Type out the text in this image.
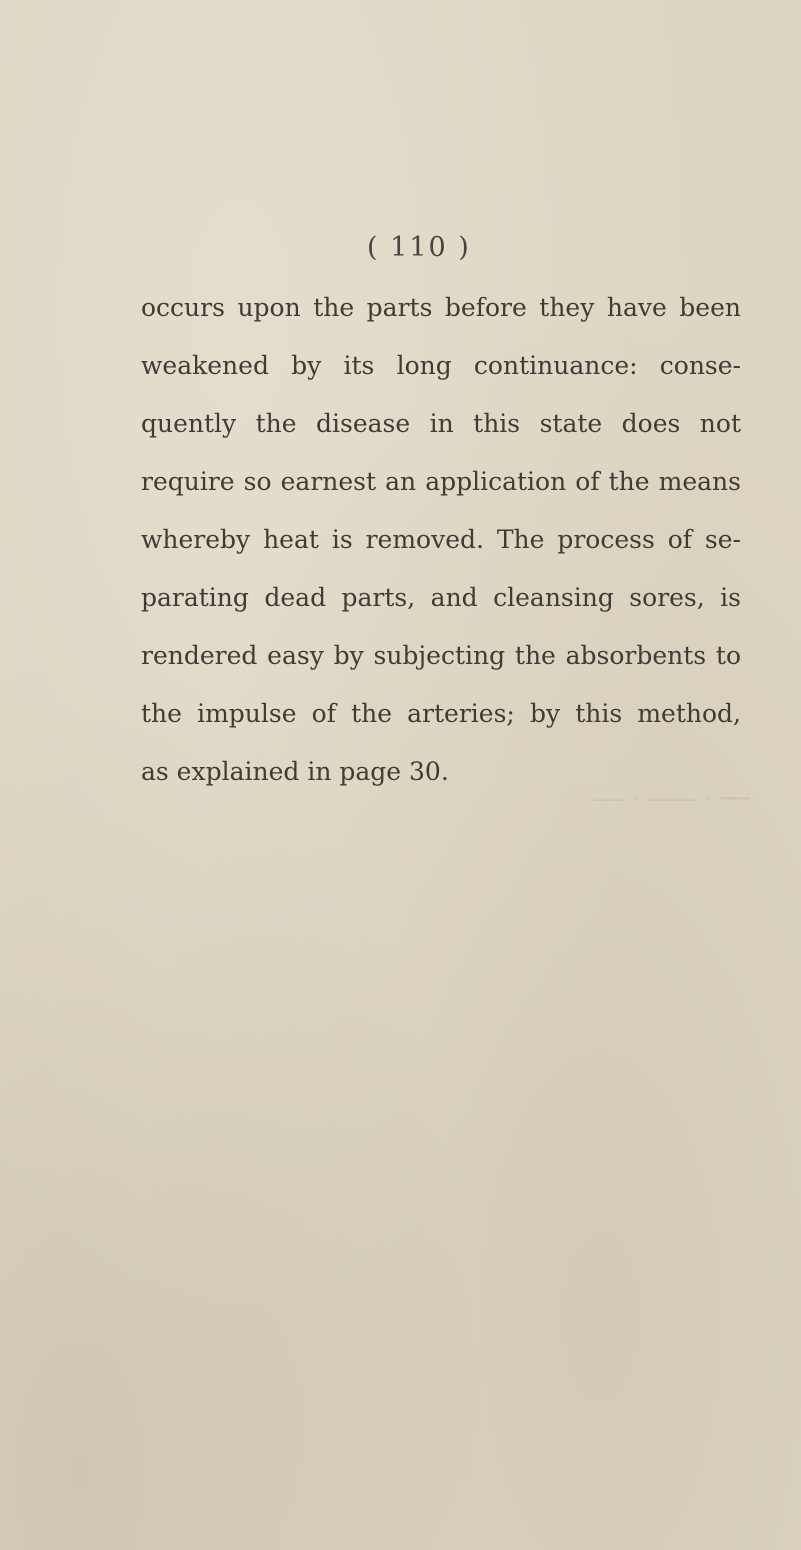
( 110 )

occurs upon the parts before they have been
weakened by its long continuance: conse-
quently the disease in this state does not
require so earnest an application of the means
whereby heat is removed. The process of se-
parating dead parts, and cleansing sores, is
rendered easy by subjecting the absorbents to
the impulse of the arteries; by this method,
as explained in page 30.

── · ‒‒‒ · ‒‒
